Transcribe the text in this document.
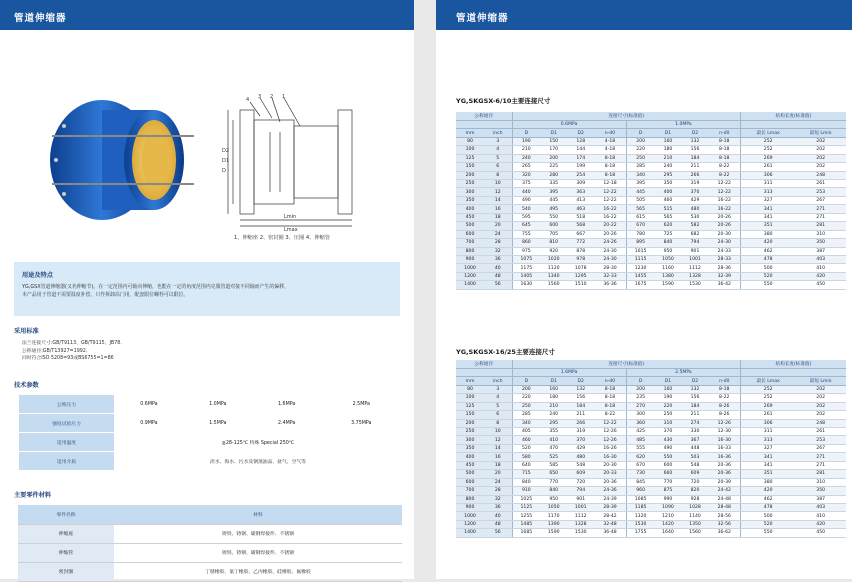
管道伸缩器
4 3 2 1
D2
D1
D
Lmin
Lmax
1、伸缩座 2、密封圈 3、压圈 4、伸缩管
用途及特点

YG,GSX管道伸缩器(又名伸缩节)。在一定范围内可轴向伸缩，也能在一定的角度范围内克服管道对接不同轴而产生的偏移，

本产品用于管道不需要温度补偿，只作拆卸高门用，配套限位螺栓可以限位。

采用标准
法兰连接尺寸:GB/T9113、GB/T9115、JB78.
公称通径:GB/T13927=1992,
同时符合ISO 5208=93或BS6755=1=86
技术参数
公称压力	0.6MPa	1.0MPa	1.6MPa	2.5MPa
强度试验压力	0.9MPa	1.5MPa	2.4MPa	3.75MPa
适用温度	≦28-125℃ 特殊 Special 250℃			
适用介质	淡水、海水、污水及钢蒸油品、盐气、空气等			
主要零件材料
零件名称	材料
伸缩座	铸铁、铸钢、碳钢焊接件、不锈钢
伸缩管	铸铁、铸钢、碳钢焊接件、不锈钢
密封圈	丁腈橡胶、氯丁橡胶、乙丙橡胶、硅橡胶、氟橡胶
管道伸缩器
YG,SKGSX-6/10主要连接尺寸
公称通径		连接尺寸(标准值)								结构长度(标准值)	
		0.6MPa				1.0MPa					
mm	inch	D	D1	D2	n-d0	D	D1	D2	n-d0	最长 Lmax	最短 Lmin
80	3	190	150	128	4-18	200	160	132	8-18	252	202
100	4	210	170	144	4-18	220	180	156	8-18	252	202
125	5	240	200	174	8-18	250	210	184	8-18	269	202
150	6	265	225	199	8-18	285	240	211	8-22	261	202
200	8	320	280	254	8-18	340	295	266	8-22	306	248
250	10	375	335	309	12-18	395	350	319	12-22	311	261
300	12	440	395	363	12-22	445	400	370	12-22	313	253
350	14	490	445	413	12-22	505	460	429	16-22	327	267
400	16	540	495	463	16-22	565	515	480	16-22	341	271
450	18	595	550	518	16-22	615	565	530	20-26	341	271
500	20	645	600	568	20-22	670	620	582	20-26	351	281
600	24	755	705	667	20-26	780	725	682	20-30	380	310
700	28	860	810	772	24-26	895	840	794	24-30	420	350
800	32	975	920	878	24-30	1015	950	901	24-33	462	387
900	36	1075	1020	978	24-30	1115	1050	1001	28-33	478	403
1000	40	1175	1120	1078	28-30	1230	1160	1112	28-36	500	410
1200	48	1405	1340	1295	32-33	1455	1380	1328	32-39	520	420
1400	56	1630	1560	1510	36-36	1675	1590	1530	36-42	550	450
YG,SKGSX-16/25主要连接尺寸
公称通径		连接尺寸(标准值)								结构长度(标准值)	
		1.6MPa				2.5MPa					
mm	inch	D	D1	D2	n-d0	D	D1	D2	n-d0	最长 Lmax	最短 Lmin
80	3	200	160	132	8-18	200	160	132	8-18	252	202
100	4	220	180	156	8-18	235	190	156	8-22	252	202
125	5	250	210	184	8-18	270	220	184	8-26	269	202
150	6	285	240	211	8-22	300	250	211	8-26	261	202
200	8	340	295	266	12-22	360	310	274	12-26	306	248
250	10	405	355	319	12-26	425	370	330	12-30	311	261
300	12	460	410	370	12-26	485	430	367	16-30	313	253
350	14	520	470	429	16-26	555	490	448	16-33	327	267
400	16	580	525	480	16-30	620	550	503	16-36	341	271
450	18	640	585	548	20-30	670	600	548	20-36	341	271
500	20	715	650	609	20-33	730	660	609	20-36	351	281
600	24	840	770	720	20-36	845	770	720	20-39	380	310
700	28	910	840	794	24-36	960	875	820	24-42	420	350
800	32	1025	950	901	24-39	1085	990	928	24-48	462	387
900	36	1125	1050	1001	28-39	1185	1090	1028	28-48	478	403
1000	40	1255	1170	1112	28-42	1320	1210	1140	28-56	500	410
1200	48	1485	1390	1328	32-48	1530	1420	1350	32-56	520	420
1400	56	1685	1590	1530	36-48	1755	1640	1560	36-62	550	450
